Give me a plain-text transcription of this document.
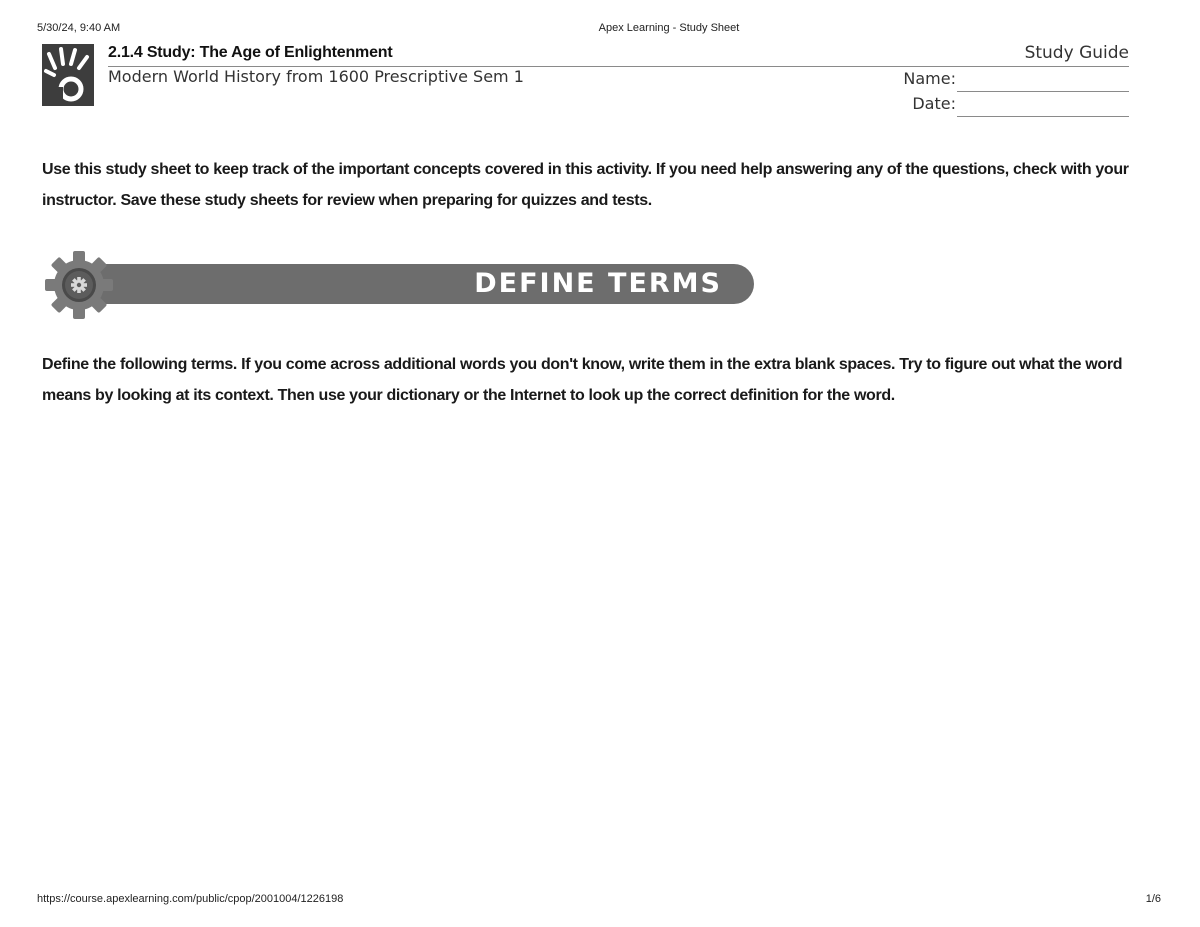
5/30/24, 9:40 AM	Apex Learning - Study Sheet
2.1.4 Study: The Age of Enlightenment	Study Guide
Modern World History from 1600 Prescriptive Sem 1	Name:
Date:
Use this study sheet to keep track of the important concepts covered in this activity. If you need help answering any of the questions, check with your instructor. Save these study sheets for review when preparing for quizzes and tests.
DEFINE TERMS
Define the following terms. If you come across additional words you don't know, write them in the extra blank spaces. Try to figure out what the word means by looking at its context. Then use your dictionary or the Internet to look up the correct definition for the word.
https://course.apexlearning.com/public/cpop/2001004/1226198	1/6
